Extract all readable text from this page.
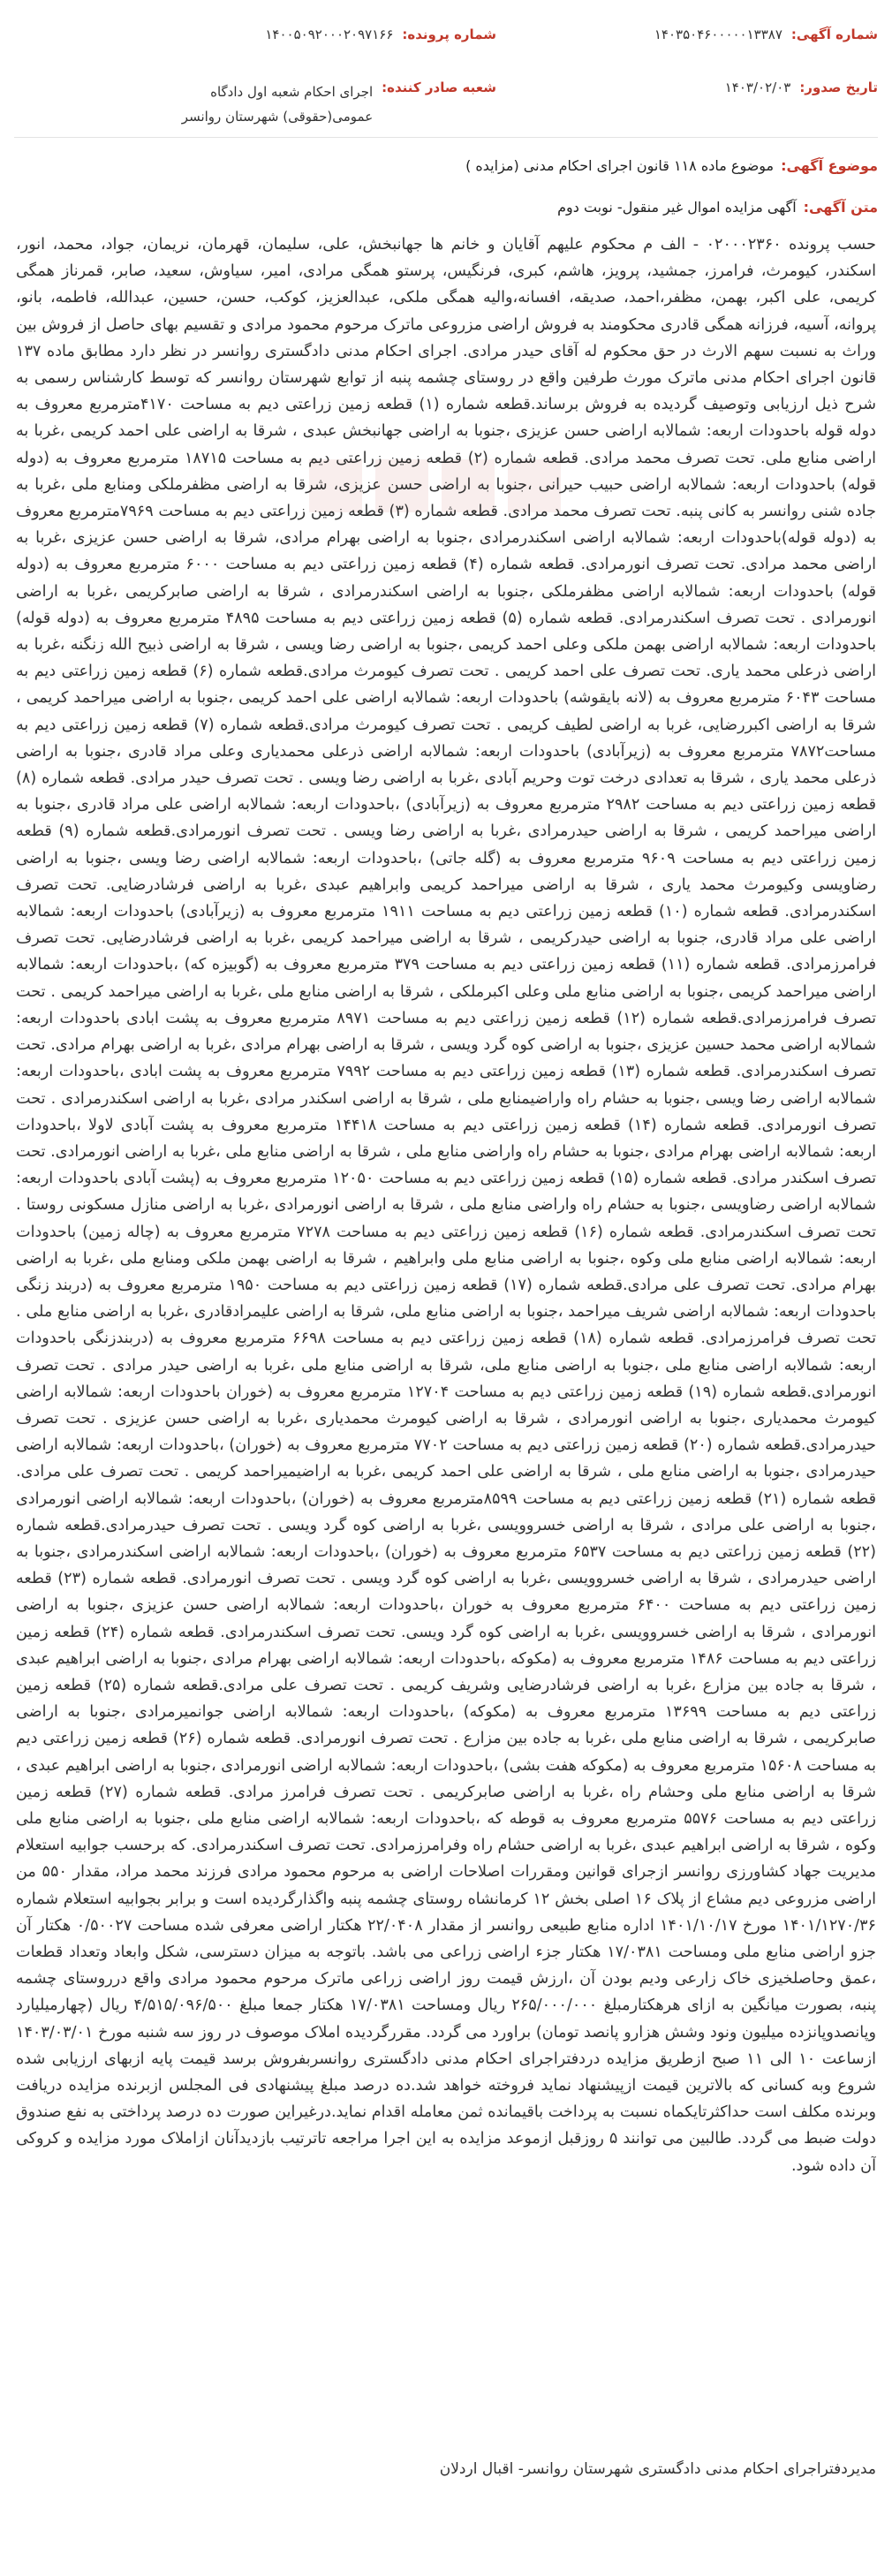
شماره آگهی:
۱۴۰۳۵۰۴۶۰۰۰۰۰۱۳۳۸۷
شماره پرونده:
۱۴۰۰۵۰۹۲۰۰۰۲۰۹۷۱۶۶
تاریخ صدور:
۱۴۰۳/۰۲/۰۳
شعبه صادر کننده:
اجرای احکام شعبه اول دادگاه عمومی(حقوقی) شهرستان روانسر
موضوع آگهی:
موضوع ماده ۱۱۸ قانون اجرای احکام مدنی (مزایده )
متن آگهی:
آگهی مزایده اموال غیر منقول- نوبت دوم
حسب پرونده ۰۲۰۰۰۲۳۶۰ - الف م محکوم علیهم آقایان و خانم ها جهانبخش، علی، سلیمان، قهرمان، نریمان، جواد، محمد، انور، اسکندر، کیومرث، فرامرز، جمشید، پرویز، هاشم، کبری، فرنگیس، پرستو همگی مرادی، امیر، سیاوش، سعید، صابر، قمرناز همگی کریمی، علی اکبر، بهمن، مظفر،احمد، صدیقه، افسانه،والیه همگی ملکی، عبدالعزیز، کوکب، حسن، حسین، عبدالله، فاطمه، بانو، پروانه، آسیه، فرزانه همگی قادری محکومند به فروش اراضی مزروعی ماترک مرحوم محمود مرادی و تقسیم بهای حاصل از فروش بین وراث به نسبت سهم الارث در حق محکوم له آقای حیدر مرادی. اجرای احکام مدنی دادگستری روانسر در نظر دارد مطابق ماده ۱۳۷ قانون اجرای احکام مدنی ماترک مورث طرفین واقع در روستای چشمه پنبه از توابع شهرستان روانسر که توسط کارشناس رسمی به شرح ذیل ارزیابی وتوصیف گردیده به فروش برساند.قطعه شماره (۱) قطعه زمین زراعتی دیم به مساحت ۴۱۷۰مترمربع معروف به دوله قوله باحدودات اربعه: شمالابه اراضی حسن عزیزی ،جنوبا به اراضی جهانبخش عبدی ، شرقا به اراضی علی احمد کریمی ،غربا به اراضی منابع ملی. تحت تصرف محمد مرادی. قطعه شماره (۲) قطعه زمین زراعتی دیم به مساحت ۱۸۷۱۵ مترمربع معروف به (دوله قوله) باحدودات اربعه: شمالابه اراضی حبیب حیرانی ،جنوبا به اراضی حسن عزیزی، شرقا به اراضی مظفرملکی ومنابع ملی ،غربا به جاده شنی روانسر به کانی پنبه. تحت تصرف محمد مرادی. قطعه شماره (۳) قطعه زمین زراعتی دیم به مساحت ۷۹۶۹مترمربع معروف به (دوله قوله)باحدودات اربعه: شمالابه اراضی اسکندرمرادی ،جنوبا به اراضی بهرام مرادی، شرقا به اراضی حسن عزیزی ،غربا به اراضی محمد مرادی. تحت تصرف انورمرادی. قطعه شماره (۴) قطعه زمین زراعتی دیم به مساحت ۶۰۰۰ مترمربع معروف به (دوله قوله) باحدودات اربعه: شمالابه اراضی مظفرملکی ،جنوبا به اراضی اسکندرمرادی ، شرقا به اراضی صابرکریمی ،غربا به اراضی انورمرادی . تحت تصرف اسکندرمرادی. قطعه شماره (۵) قطعه زمین زراعتی دیم به مساحت ۴۸۹۵ مترمربع معروف به (دوله قوله) باحدودات اربعه: شمالابه اراضی بهمن ملکی وعلی احمد کریمی ،جنوبا به اراضی رضا ویسی ، شرقا به اراضی ذبیح الله زنگنه ،غربا به اراضی ذرعلی محمد یاری. تحت تصرف علی احمد کریمی . تحت تصرف کیومرث مرادی.قطعه شماره (۶) قطعه زمین زراعتی دیم به مساحت ۶۰۴۳ مترمربع معروف به (لانه بایقوشه) باحدودات اربعه: شمالابه اراضی علی احمد کریمی ،جنوبا به اراضی میراحمد کریمی ، شرقا به اراضی اکبررضایی، غربا به اراضی لطیف کریمی . تحت تصرف کیومرث مرادی.قطعه شماره (۷) قطعه زمین زراعتی دیم به مساحت۷۸۷۲ مترمربع معروف به (زیرآبادی) باحدودات اربعه: شمالابه اراضی ذرعلی محمدیاری وعلی مراد قادری ،جنوبا به اراضی ذرعلی محمد یاری ، شرقا به تعدادی درخت توت وحریم آبادی ،غربا به اراضی رضا ویسی . تحت تصرف حیدر مرادی. قطعه شماره (۸) قطعه زمین زراعتی دیم به مساحت ۲۹۸۲ مترمربع معروف به (زیرآبادی) ،باحدودات اربعه: شمالابه اراضی علی مراد قادری ،جنوبا به اراضی میراحمد کریمی ، شرقا به اراضی حیدرمرادی ،غربا به اراضی رضا ویسی . تحت تصرف انورمرادی.قطعه شماره (۹) قطعه زمین زراعتی دیم به مساحت ۹۶۰۹ مترمربع معروف به (گله جاتی) ،باحدودات اربعه: شمالابه اراضی رضا ویسی ،جنوبا به اراضی رضاویسی وکیومرث محمد یاری ، شرقا به اراضی میراحمد کریمی وابراهیم عبدی ،غربا به اراضی فرشادرضایی. تحت تصرف اسکندرمرادی. قطعه شماره (۱۰) قطعه زمین زراعتی دیم به مساحت ۱۹۱۱ مترمربع معروف به (زیرآبادی) باحدودات اربعه: شمالابه اراضی علی مراد قادری، جنوبا به اراضی حیدرکریمی ، شرقا به اراضی میراحمد کریمی ،غربا به اراضی فرشادرضایی. تحت تصرف فرامرزمرادی. قطعه شماره (۱۱) قطعه زمین زراعتی دیم به مساحت ۳۷۹ مترمربع معروف به (گوبیزه که) ،باحدودات اربعه: شمالابه اراضی میراحمد کریمی ،جنوبا به اراضی منابع ملی وعلی اکبرملکی ، شرقا به اراضی منابع ملی ،غربا به اراضی میراحمد کریمی . تحت تصرف فرامرزمرادی.قطعه شماره (۱۲) قطعه زمین زراعتی دیم به مساحت ۸۹۷۱ مترمربع معروف به پشت ابادی باحدودات اربعه: شمالابه اراضی محمد حسین عزیزی ،جنوبا به اراضی کوه گرد ویسی ، شرقا به اراضی بهرام مرادی ،غربا به اراضی بهرام مرادی. تحت تصرف اسکندرمرادی. قطعه شماره (۱۳) قطعه زمین زراعتی دیم به مساحت ۷۹۹۲ مترمربع معروف به پشت ابادی ،باحدودات اربعه: شمالابه اراضی رضا ویسی ،جنوبا به حشام راه واراضیمنابع ملی ، شرقا به اراضی اسکندر مرادی ،غربا به اراضی اسکندرمرادی . تحت تصرف انورمرادی. قطعه شماره (۱۴) قطعه زمین زراعتی دیم به مساحت ۱۴۴۱۸ مترمربع معروف به پشت آبادی لاولا ،باحدودات اربعه: شمالابه اراضی بهرام مرادی ،جنوبا به حشام راه واراضی منابع ملی ، شرقا به اراضی منابع ملی ،غربا به اراضی انورمرادی. تحت تصرف اسکندر مرادی. قطعه شماره (۱۵) قطعه زمین زراعتی دیم به مساحت ۱۲۰۵۰ مترمربع معروف به (پشت آبادی باحدودات اربعه: شمالابه اراضی رضاویسی ،جنوبا به حشام راه واراضی منابع ملی ، شرقا به اراضی انورمرادی ،غربا به اراضی منازل مسکونی روستا . تحت تصرف اسکندرمرادی. قطعه شماره (۱۶) قطعه زمین زراعتی دیم به مساحت ۷۲۷۸ مترمربع معروف به (چاله زمین) باحدودات اربعه: شمالابه اراضی منابع ملی وکوه ،جنوبا به اراضی منابع ملی وابراهیم ، شرقا به اراضی بهمن ملکی ومنابع ملی ،غربا به اراضی بهرام مرادی. تحت تصرف علی مرادی.قطعه شماره (۱۷) قطعه زمین زراعتی دیم به مساحت ۱۹۵۰ مترمربع معروف به (دربند زنگی باحدودات اربعه: شمالابه اراضی شریف میراحمد ،جنوبا به اراضی منابع ملی، شرقا به اراضی علیمرادقادری ،غربا به اراضی منابع ملی . تحت تصرف فرامرزمرادی. قطعه شماره (۱۸) قطعه زمین زراعتی دیم به مساحت ۶۶۹۸ مترمربع معروف به (دربندزنگی باحدودات اربعه: شمالابه اراضی منابع ملی ،جنوبا به اراضی منابع ملی، شرقا به اراضی منابع ملی ،غربا به اراضی حیدر مرادی . تحت تصرف انورمرادی.قطعه شماره (۱۹) قطعه زمین زراعتی دیم به مساحت ۱۲۷۰۴ مترمربع معروف به (خوران باحدودات اربعه: شمالابه اراضی کیومرث محمدیاری ،جنوبا به اراضی انورمرادی ، شرقا به اراضی کیومرث محمدیاری ،غربا به اراضی حسن عزیزی . تحت تصرف حیدرمرادی.قطعه شماره (۲۰) قطعه زمین زراعتی دیم به مساحت ۷۷۰۲ مترمربع معروف به (خوران) ،باحدودات اربعه: شمالابه اراضی حیدرمرادی ،جنوبا به اراضی منابع ملی ، شرقا به اراضی علی احمد کریمی ،غربا به اراضیمیراحمد کریمی . تحت تصرف علی مرادی. قطعه شماره (۲۱) قطعه زمین زراعتی دیم به مساحت ۸۵۹۹مترمربع معروف به (خوران) ،باحدودات اربعه: شمالابه اراضی انورمرادی ،جنوبا به اراضی علی مرادی ، شرقا به اراضی خسروویسی ،غربا به اراضی کوه گرد ویسی . تحت تصرف حیدرمرادی.قطعه شماره (۲۲) قطعه زمین زراعتی دیم به مساحت ۶۵۳۷ مترمربع معروف به (خوران) ،باحدودات اربعه: شمالابه اراضی اسکندرمرادی ،جنوبا به اراضی حیدرمرادی ، شرقا به اراضی خسروویسی ،غربا به اراضی کوه گرد ویسی . تحت تصرف انورمرادی. قطعه شماره (۲۳) قطعه زمین زراعتی دیم به مساحت ۶۴۰۰ مترمربع معروف به خوران ،باحدودات اربعه: شمالابه اراضی حسن عزیزی ،جنوبا به اراضی انورمرادی ، شرقا به اراضی خسروویسی ،غربا به اراضی کوه گرد ویسی. تحت تصرف اسکندرمرادی. قطعه شماره (۲۴) قطعه زمین زراعتی دیم به مساحت ۱۴۸۶ مترمربع معروف به (مکوکه ،باحدودات اربعه: شمالابه اراضی بهرام مرادی ،جنوبا به اراضی ابراهیم عبدی ، شرقا به جاده بین مزارع ،غربا به اراضی فرشادرضایی وشریف کریمی . تحت تصرف علی مرادی.قطعه شماره (۲۵) قطعه زمین زراعتی دیم به مساحت ۱۳۶۹۹ مترمربع معروف به (مکوکه) ،باحدودات اربعه: شمالابه اراضی جوانمیرمرادی ،جنوبا به اراضی صابرکریمی ، شرقا به اراضی منابع ملی ،غربا به جاده بین مزارع . تحت تصرف انورمرادی. قطعه شماره (۲۶) قطعه زمین زراعتی دیم به مساحت ۱۵۶۰۸ مترمربع معروف به (مکوکه هفت بشی) ،باحدودات اربعه: شمالابه اراضی انورمرادی ،جنوبا به اراضی ابراهیم عبدی ، شرقا به اراضی منابع ملی وحشام راه ،غربا به اراضی صابرکریمی . تحت تصرف فرامرز مرادی. قطعه شماره (۲۷) قطعه زمین زراعتی دیم به مساحت ۵۵۷۶ مترمربع معروف به قوطه که ،باحدودات اربعه: شمالابه اراضی منابع ملی ،جنوبا به اراضی منابع ملی وکوه ، شرقا به اراضی ابراهیم عبدی ،غربا به اراضی حشام راه وفرامرزمرادی. تحت تصرف اسکندرمرادی. که برحسب جوابیه استعلام مدیریت جهاد کشاورزی روانسر ازجرای قوانین ومقررات اصلاحات اراضی به مرحوم محمود مرادی فرزند محمد مراد، مقدار ۵۵۰ من اراضی مزروعی دیم مشاع از پلاک ۱۶ اصلی بخش ۱۲ کرمانشاه روستای چشمه پنبه واگذارگردیده است و برابر بجوابیه استعلام شماره ۱۴۰۱/۱۲۷۰/۳۶ مورخ ۱۴۰۱/۱۰/۱۷ اداره منابع طبیعی روانسر از مقدار ۲۲/۰۴۰۸ هکتار اراضی معرفی شده مساحت ۰/۵۰۰۲۷ هکتار آن جزو اراضی منابع ملی ومساحت ۱۷/۰۳۸۱ هکتار جزء اراضی زراعی می باشد. باتوجه به میزان دسترسی، شکل وابعاد وتعداد قطعات ،عمق وحاصلخیزی خاک زارعی ودیم بودن آن ،ارزش قیمت روز اراضی زراعی ماترک مرحوم محمود مرادی واقع درروستای چشمه پنبه، بصورت میانگین به ازای هرهکتارمبلغ ۲۶۵/۰۰۰/۰۰۰ ریال ومساحت ۱۷/۰۳۸۱ هکتار جمعا مبلغ ۴/۵۱۵/۰۹۶/۵۰۰ ریال (چهارمیلیارد وپانصدوپانزده میلیون ونود وشش هزارو پانصد تومان) براورد می گردد. مقررگردیده املاک موصوف در روز سه شنبه مورخ ۱۴۰۳/۰۳/۰۱ ازساعت ۱۰ الی ۱۱ صبح ازطریق مزایده دردفتراجرای احکام مدنی دادگستری روانسربفروش برسد قیمت پایه ازبهای ارزیابی شده شروع وبه کسانی که بالاترین قیمت ازپیشنهاد نماید فروخته خواهد شد.ده درصد مبلغ پیشنهادی فی المجلس ازبرنده مزایده دریافت وبرنده مکلف است حداکثرتایکماه نسبت به پرداخت باقیمانده ثمن معامله اقدام نماید.درغیراین صورت ده درصد پرداختی به نفع صندوق دولت ضبط می گردد. طالبین می توانند ۵ روزقبل ازموعد مزایده به این اجرا مراجعه تاترتیب بازدیدآنان ازاملاک مورد مزایده و کروکی آن داده شود.
مدیردفتراجرای احکام مدنی دادگستری شهرستان روانسر- اقبال اردلان
